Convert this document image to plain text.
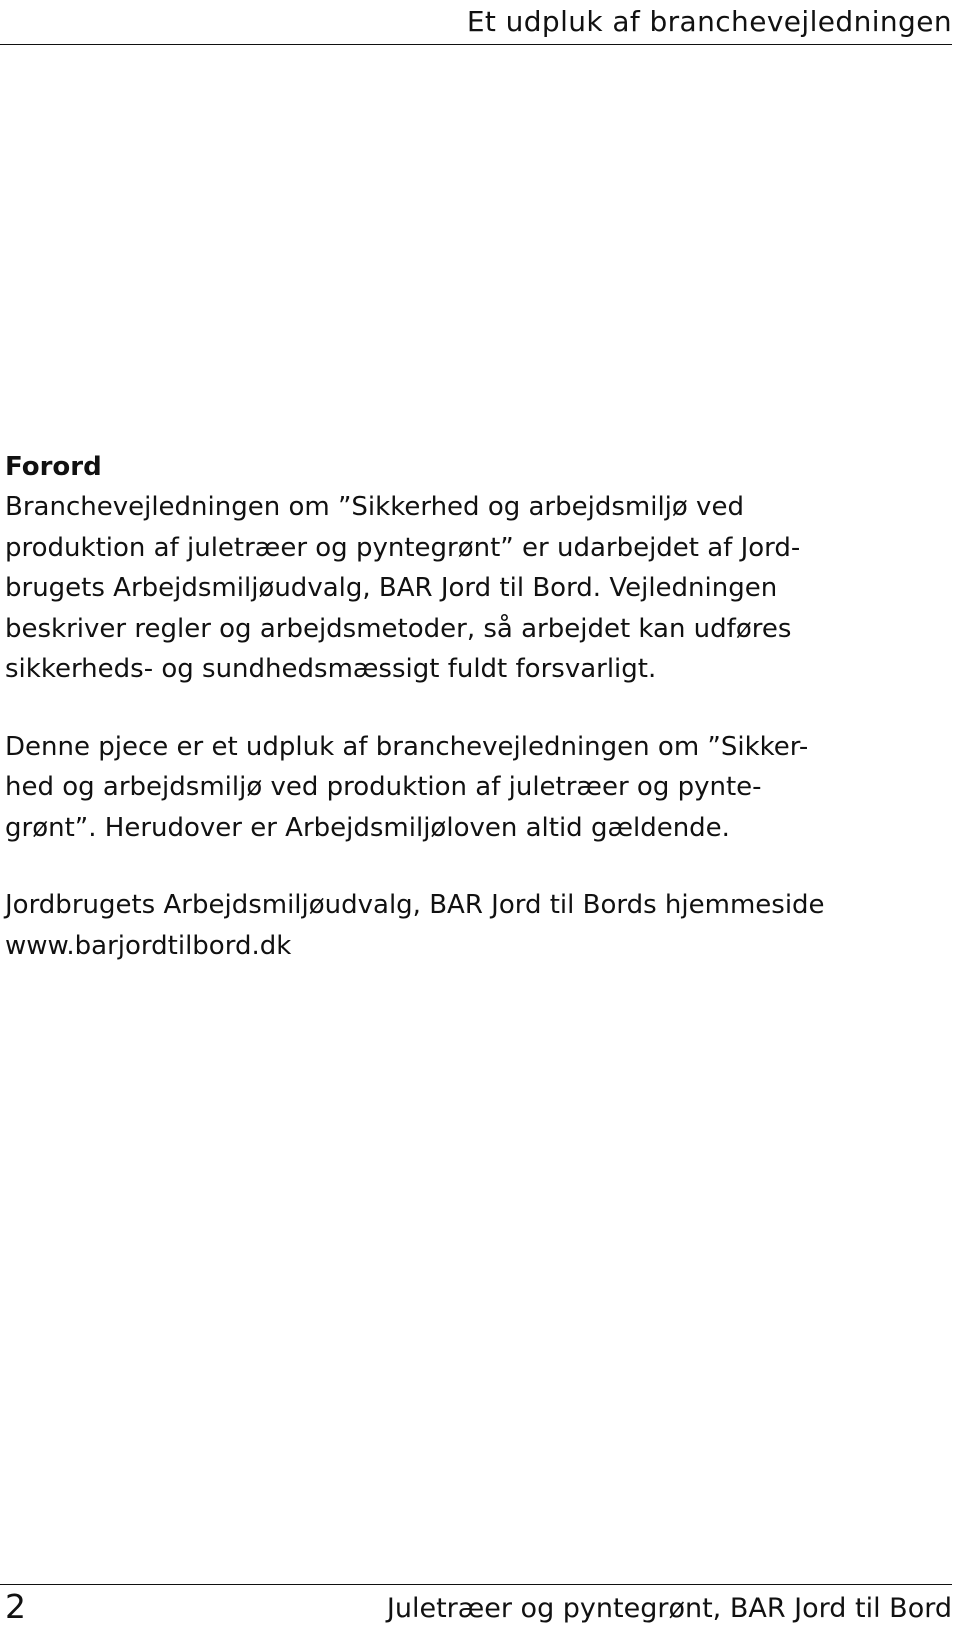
Et udpluk af branchevejledningen
Forord

Branchevejledningen om ”Sikkerhed og arbejdsmiljø ved

produktion af juletræer og pyntegrønt” er udarbejdet af Jord-

brugets Arbejdsmiljøudvalg, BAR Jord til Bord. Vejledningen

beskriver regler og arbejdsmetoder, så arbejdet kan udføres

sikkerheds- og sundhedsmæssigt fuldt forsvarligt.

Denne pjece er et udpluk af branchevejledningen om ”Sikker-

hed og arbejdsmiljø ved produktion af juletræer og pynte-

grønt”. Herudover er Arbejdsmiljøloven altid gældende.

Jordbrugets Arbejdsmiljøudvalg, BAR Jord til Bords hjemmeside

www.barjordtilbord.dk

2	Juletræer og pyntegrønt, BAR Jord til Bord
